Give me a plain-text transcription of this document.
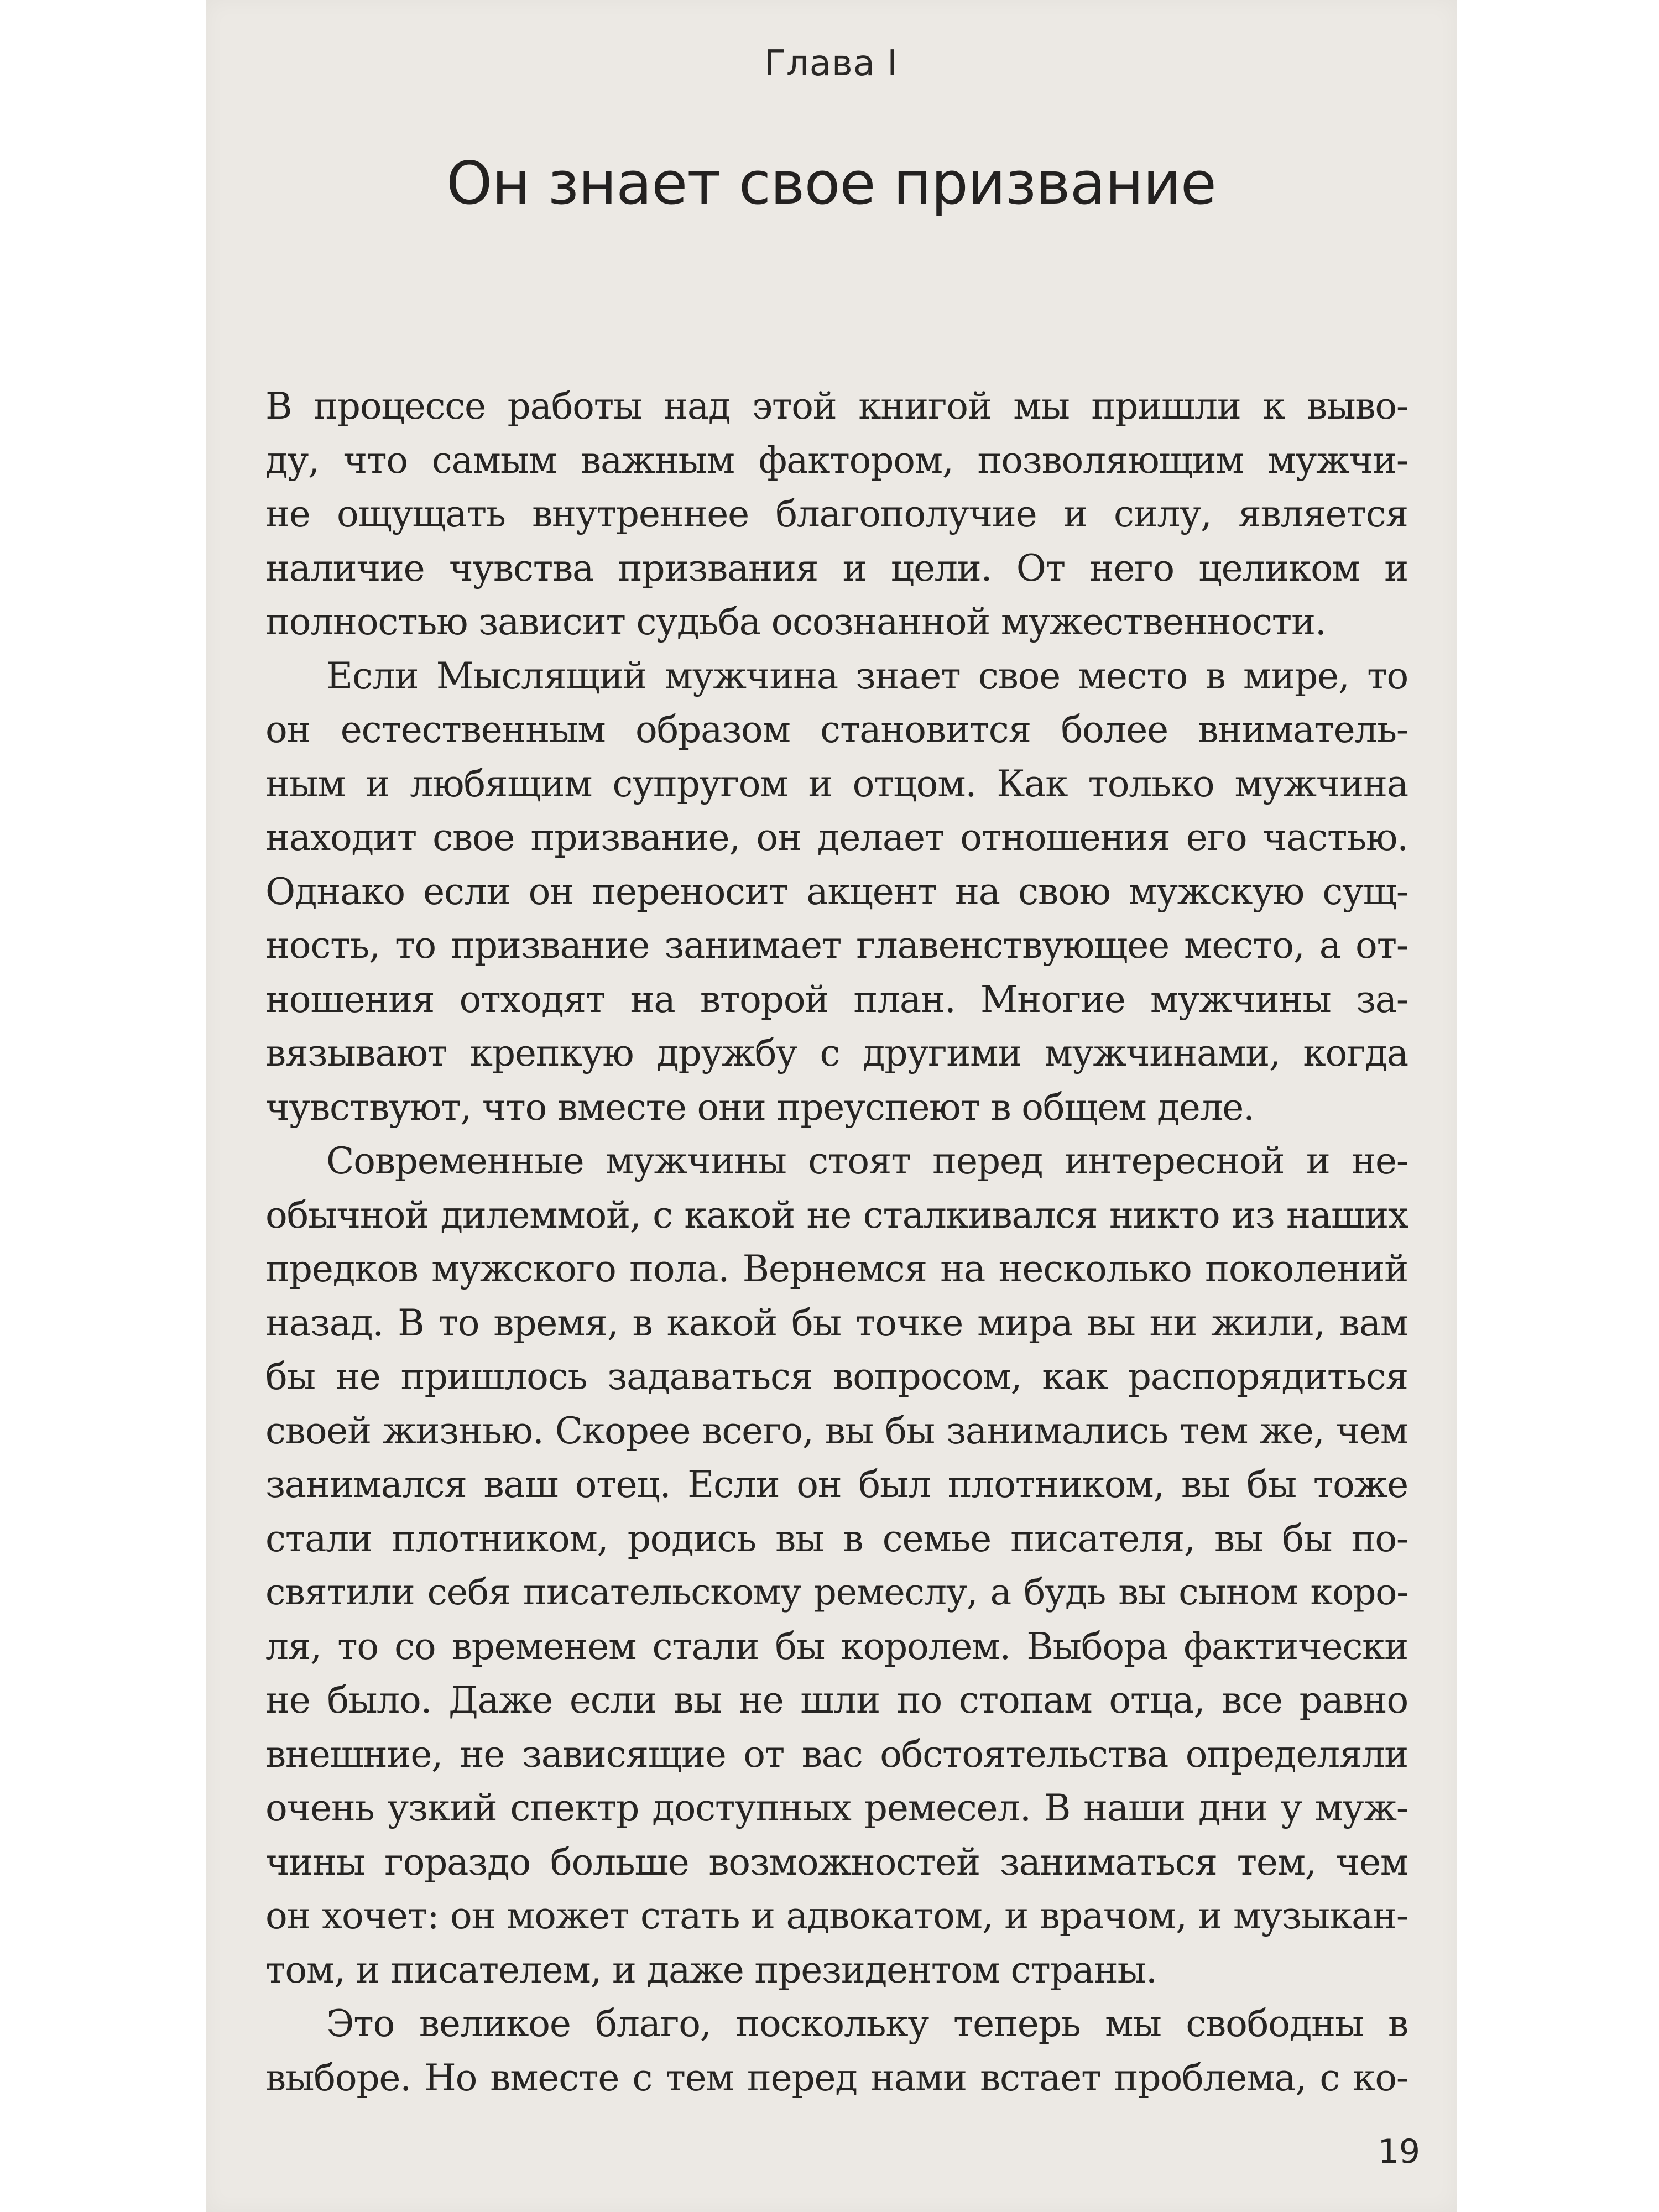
Глава I
Он знает свое призвание
В процессе работы над этой книгой мы пришли к выво-
ду, что самым важным фактором, позволяющим мужчи-
не ощущать внутреннее благополучие и силу, является
наличие чувства призвания и цели. От него целиком и
полностью зависит судьба осознанной мужественности.
Если Мыслящий мужчина знает свое место в мире, то
он естественным образом становится более вниматель-
ным и любящим супругом и отцом. Как только мужчина
находит свое призвание, он делает отношения его частью.
Однако если он переносит акцент на свою мужскую сущ-
ность, то призвание занимает главенствующее место, а от-
ношения отходят на второй план. Многие мужчины за-
вязывают крепкую дружбу с другими мужчинами, когда
чувствуют, что вместе они преуспеют в общем деле.
Современные мужчины стоят перед интересной и не-
обычной дилеммой, с какой не сталкивался никто из наших
предков мужского пола. Вернемся на несколько поколений
назад. В то время, в какой бы точке мира вы ни жили, вам
бы не пришлось задаваться вопросом, как распорядиться
своей жизнью. Скорее всего, вы бы занимались тем же, чем
занимался ваш отец. Если он был плотником, вы бы тоже
стали плотником, родись вы в семье писателя, вы бы по-
святили себя писательскому ремеслу, а будь вы сыном коро-
ля, то со временем стали бы королем. Выбора фактически
не было. Даже если вы не шли по стопам отца, все равно
внешние, не зависящие от вас обстоятельства определяли
очень узкий спектр доступных ремесел. В наши дни у муж-
чины гораздо больше возможностей заниматься тем, чем
он хочет: он может стать и адвокатом, и врачом, и музыкан-
том, и писателем, и даже президентом страны.
Это великое благо, поскольку теперь мы свободны в
выборе. Но вместе с тем перед нами встает проблема, с ко-
19
